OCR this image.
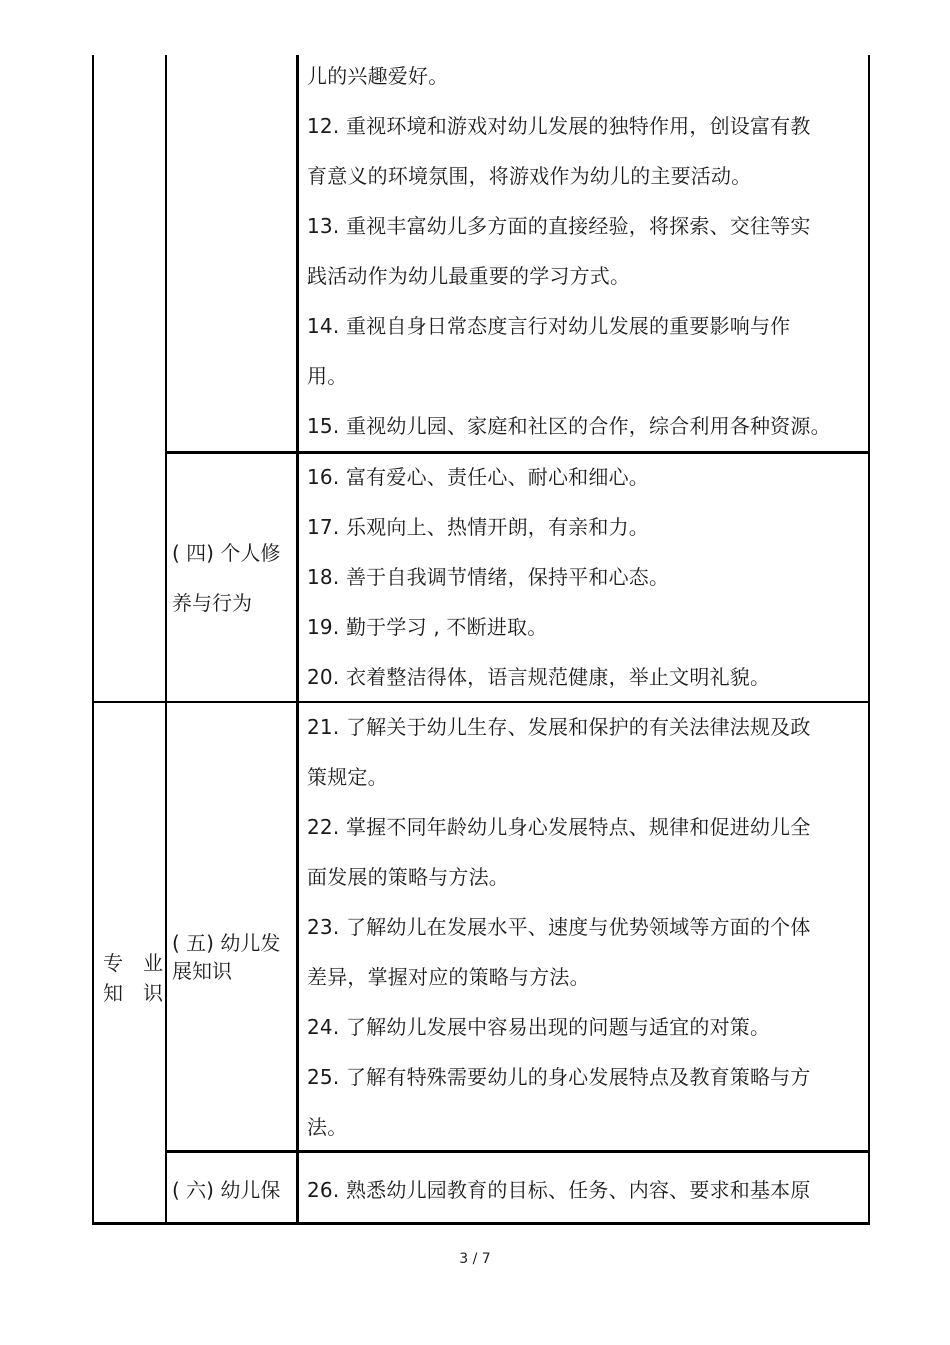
儿的兴趣爱好。
12. 重视环境和游戏对幼儿发展的独特作用，创设富有教
育意义的环境氛围，将游戏作为幼儿的主要活动。
13. 重视丰富幼儿多方面的直接经验，将探索、交往等实
践活动作为幼儿最重要的学习方式。
14. 重视自身日常态度言行对幼儿发展的重要影响与作
用。
15. 重视幼儿园、家庭和社区的合作，综合利用各种资源。
( 四) 个人修
养与行为
16. 富有爱心、责任心、耐心和细心。
17. 乐观向上、热情开朗，有亲和力。
18. 善于自我调节情绪，保持平和心态。
19. 勤于学习 , 不断进取。
20. 衣着整洁得体，语言规范健康，举止文明礼貌。
专业
知识
( 五) 幼儿发
展知识
21. 了解关于幼儿生存、发展和保护的有关法律法规及政
策规定。
22. 掌握不同年龄幼儿身心发展特点、规律和促进幼儿全
面发展的策略与方法。
23. 了解幼儿在发展水平、速度与优势领域等方面的个体
差异，掌握对应的策略与方法。
24. 了解幼儿发展中容易出现的问题与适宜的对策。
25. 了解有特殊需要幼儿的身心发展特点及教育策略与方
法。
( 六) 幼儿保 26. 熟悉幼儿园教育的目标、任务、内容、要求和基本原
3 / 7
